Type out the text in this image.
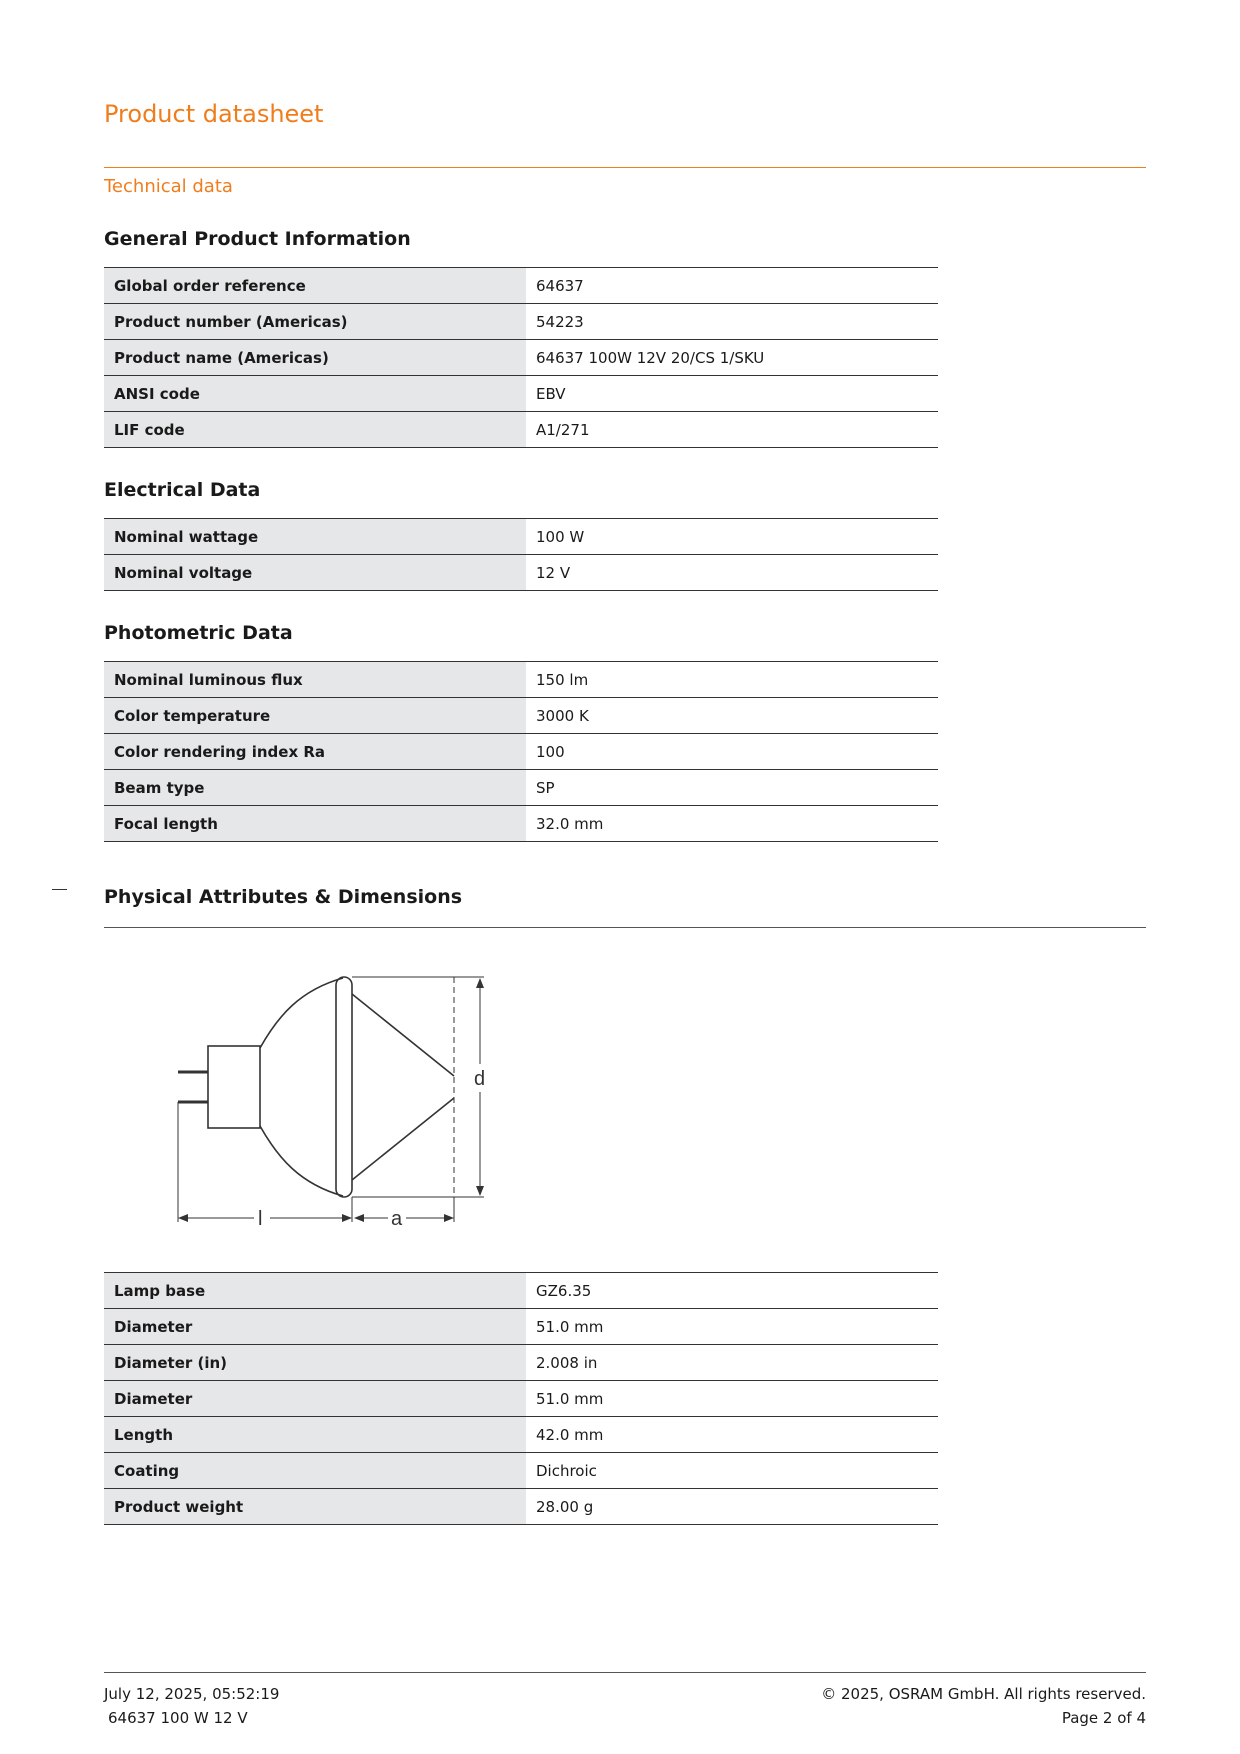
Product datasheet
Technical data
General Product Information
Global order reference	64637
Product number (Americas)	54223
Product name (Americas)	64637 100W 12V 20/CS 1/SKU
ANSI code	EBV
LIF code	A1/271
Electrical Data
Nominal wattage	100 W
Nominal voltage	12 V
Photometric Data
Nominal luminous flux	150 lm
Color temperature	3000 K
Color rendering index Ra	100
Beam type	SP
Focal length	32.0 mm
Physical Attributes & Dimensions
d
l	a
Lamp base	GZ6.35
Diameter	51.0 mm
Diameter (in)	2.008 in
Diameter	51.0 mm
Length	42.0 mm
Coating	Dichroic
Product weight	28.00 g
July 12, 2025, 05:52:19
64637 100 W 12 V
© 2025, OSRAM GmbH. All rights reserved.
Page 2 of 4
